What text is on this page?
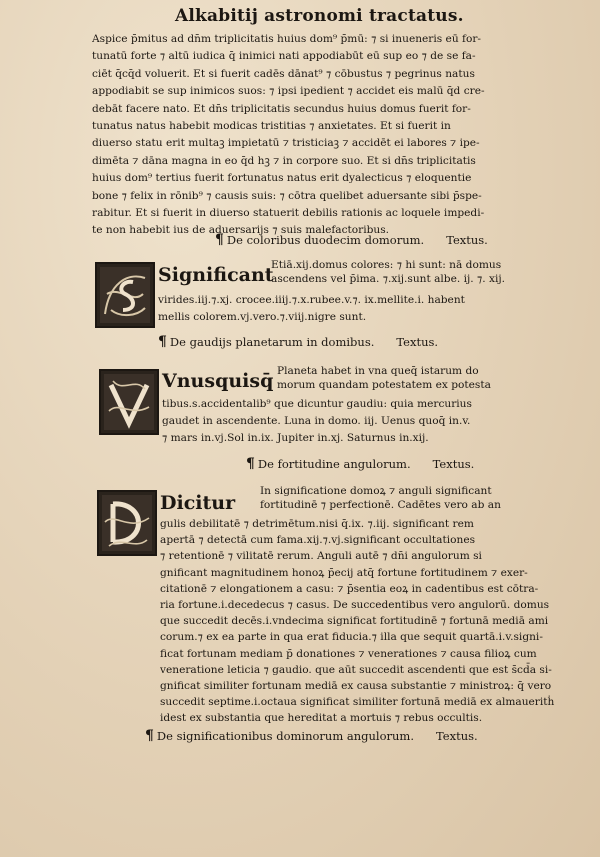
Alkabitij astronomi tractatus.
Aspice p̄mitus ad dn̄m triplicitatis huius dom⁹ p̄mū: ⁊ si inueneris eū for-
tunatū forte ⁊ altū iudica q̄ inimici nati appodiabūt eū sup eo ⁊ de se fa-
ciēt q̄cq̄d voluerit. Et si fuerit cadēs dānat⁹ ⁊ cōbustus ⁊ pegrinus natus
appodiabit se sup inimicos suos: ⁊ ipsi ipedient ⁊ accidet eis malū q̄d cre-
debāt facere nato. Et dn̄s triplicitatis secundus huius domus fuerit for-
tunatus natus habebit modicas tristitias ⁊ anxietates. Et si fuerit in
diuerso statu erit multaꝫ impietatū ⁊ tristiciaꝫ ⁊ accidēt ei labores ⁊ ipe-
dimēta ⁊ dāna magna in eo q̄d hꝫ ⁊ in corpore suo. Et si dn̄s triplicitatis
huius dom⁹ tertius fuerit fortunatus natus erit dyalecticus ⁊ eloquentie
bone ⁊ felix in rōnib⁹ ⁊ causis suis: ⁊ cōtra quelibet aduersante sibi p̄spe-
rabitur. Et si fuerit in diuerso statuerit debilis rationis ac loquele impedi-
te non habebit ius de aduersarijs ⁊ suis malefactoribus.
¶ De coloribus duodecim domorum. Textus.
Significant
Etiā.xij.domus colores: ⁊ hi sunt: nā domus
ascendens vel p̄ima. ⁊.xij.sunt albe. ij. ⁊. xij.
virides.iij.⁊.xj. crocee.iiij.⁊.x.rubee.v.⁊. ix.mellite.i. habent
mellis colorem.vj.vero.⁊.viij.nigre sunt.
¶ De gaudijs planetarum in domibus. Textus.
Vnusquisq̄ Planeta habet in vna queq̄ istarum do
morum quandam potestatem ex potesta
tibus.s.accidentalib⁹ que dicuntur gaudiu: quia mercurius
gaudet in ascendente. Luna in domo. iij. Uenus quoq̄ in.v.
⁊ mars in.vj.Sol in.ix. Jupiter in.xj. Saturnus in.xij.
¶ De fortitudine angulorum. Textus.
Dicitur
In significatione domoꝝ ⁊ anguli significant
fortitudinē ⁊ perfectionē. Cadētes vero ab an
gulis debilitatē ⁊ detrimētum.nisi q̄.ix. ⁊.iij. significant rem
apertā ⁊ detectā cum fama.xij.⁊.vj.significant occultationes
⁊ retentionē ⁊ vilitatē rerum. Anguli autē ⁊ dn̄i angulorum si
gnificant magnitudinem honoꝝ p̄ecij atq̄ fortune fortitudinem ⁊ exer-
citationē ⁊ elongationem a casu: ⁊ p̄sentia eoꝝ in cadentibus est cōtra-
ria fortune.i.decedecus ⁊ casus. De succedentibus vero angulorū. domus
que succedit decēs.i.vndecima significat fortitudinē ⁊ fortunā mediā ami
corum.⁊ ex ea parte in qua erat fiducia.⁊ illa que sequit quartā.i.v.signi-
ficat fortunam mediam p̄ donationes ⁊ venerationes ⁊ causa filioꝝ cum
veneratione leticia ⁊ gaudio. que aūt succedit ascendenti que est s̄cd̄a si-
gnificat similiter fortunam mediā ex causa substantie ⁊ ministroꝝ: q̄ vero
succedit septime.i.octaua significat similiter fortunā mediā ex almaueritḣ
idest ex substantia que hereditat a mortuis ⁊ rebus occultis.
¶ De significationibus dominorum angulorum. Textus.
